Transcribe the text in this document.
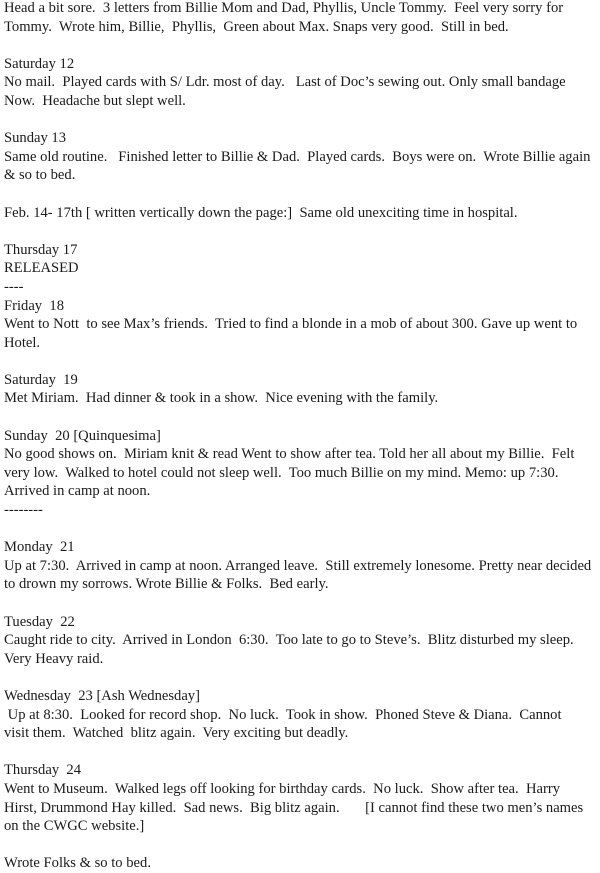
Head a bit sore.  3 letters from Billie Mom and Dad, Phyllis, Uncle Tommy.  Feel very sorry for
Tommy.  Wrote him, Billie,  Phyllis,  Green about Max. Snaps very good.  Still in bed.
Saturday 12
No mail.  Played cards with S/ Ldr. most of day.   Last of Doc’s sewing out. Only small bandage
Now.  Headache but slept well.
Sunday 13
Same old routine.   Finished letter to Billie & Dad.  Played cards.  Boys were on.  Wrote Billie again
& so to bed.
Feb. 14- 17th [ written vertically down the page:]  Same old unexciting time in hospital.
Thursday 17
RELEASED
----
Friday  18
Went to Nott  to see Max’s friends.  Tried to find a blonde in a mob of about 300. Gave up went to
Hotel.
Saturday  19
Met Miriam.  Had dinner & took in a show.  Nice evening with the family.
Sunday  20 [Quinquesima]
No good shows on.  Miriam knit & read Went to show after tea. Told her all about my Billie.  Felt
very low.  Walked to hotel could not sleep well.  Too much Billie on my mind. Memo: up 7:30.
Arrived in camp at noon.
--------
Monday  21
Up at 7:30.  Arrived in camp at noon. Arranged leave.  Still extremely lonesome. Pretty near decided
to drown my sorrows. Wrote Billie & Folks.  Bed early.
Tuesday  22
Caught ride to city.  Arrived in London  6:30.  Too late to go to Steve’s.  Blitz disturbed my sleep.
Very Heavy raid.
Wednesday  23 [Ash Wednesday]
Up at 8:30.  Looked for record shop.  No luck.  Took in show.  Phoned Steve & Diana.  Cannot
visit them.  Watched  blitz again.  Very exciting but deadly.
Thursday  24
Went to Museum.  Walked legs off looking for birthday cards.  No luck.  Show after tea.  Harry
Hirst, Drummond Hay killed.  Sad news.  Big blitz again.       [I cannot find these two men’s names
on the CWGC website.]
Wrote Folks & so to bed.
